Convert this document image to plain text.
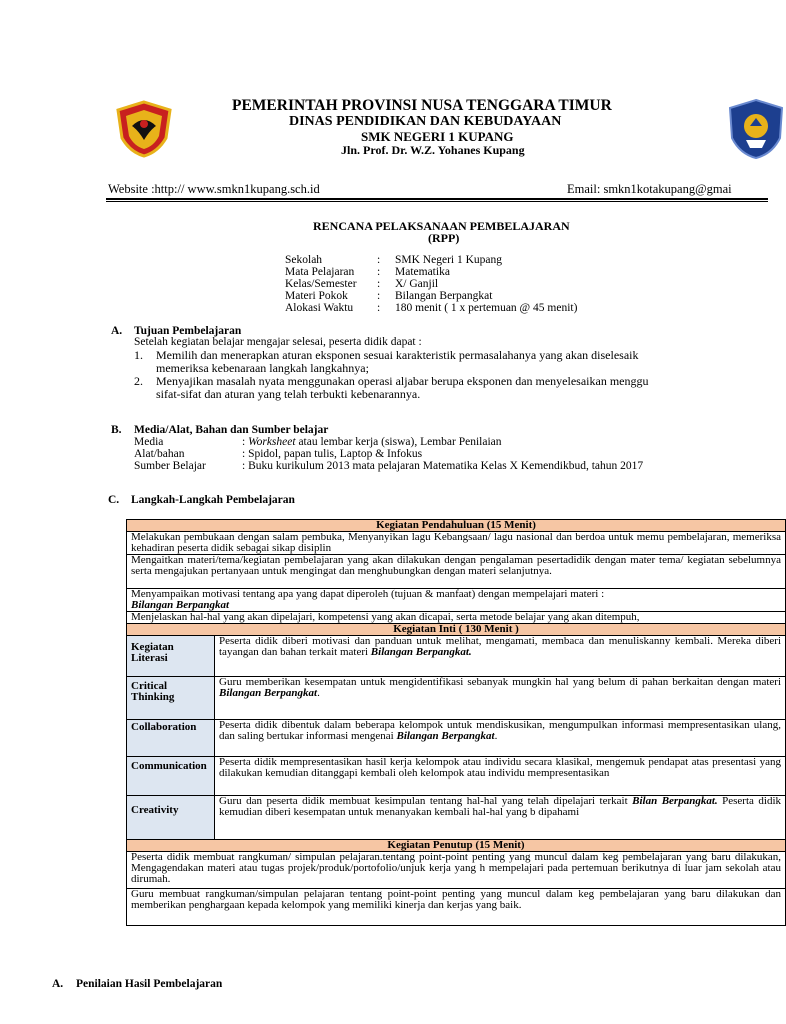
PEMERINTAH PROVINSI NUSA TENGGARA TIMUR
DINAS PENDIDIKAN DAN KEBUDAYAAN
SMK NEGERI 1 KUPANG
Jln. Prof. Dr. W.Z. Yohanes Kupang
Website :http:// www.smkn1kupang.sch.id	Email: smkn1kotakupang@gmai
RENCANA PELAKSANAAN PEMBELAJARAN
(RPP)
Sekolah	: SMK Negeri 1 Kupang
Mata Pelajaran : Matematika
Kelas/Semester : X/ Ganjil
Materi Pokok	: Bilangan Berpangkat
Alokasi Waktu : 180 menit ( 1 x pertemuan @ 45 menit)
A. Tujuan Pembelajaran
Setelah kegiatan belajar mengajar selesai, peserta didik dapat :
1. Memilih dan menerapkan aturan eksponen sesuai karakteristik permasalahanya yang akan diselesaik
memeriksa kebenaraan langkah langkahnya;
2. Menyajikan masalah nyata menggunakan operasi aljabar berupa eksponen dan menyelesaikan menggu
sifat-sifat dan aturan yang telah terbukti kebenarannya.
B. Media/Alat, Bahan dan Sumber belajar
Media	: Worksheet atau lembar kerja (siswa), Lembar Penilaian
Alat/bahan	: Spidol, papan tulis, Laptop & Infokus
Sumber Belajar	: Buku kurikulum 2013 mata pelajaran Matematika Kelas X Kemendikbud, tahun 2017
C. Langkah-Langkah Pembelajaran
Kegiatan Pendahuluan (15 Menit)	
Melakukan pembukaan dengan salam pembuka, Menyanyikan lagu Kebangsaan/ lagu nasional dan berdoa untuk memu pembelajaran, memeriksa kehadiran peserta didik sebagai sikap disiplin	
Mengaitkan materi/tema/kegiatan pembelajaran yang akan dilakukan dengan pengalaman pesertadidik dengan mater tema/ kegiatan sebelumnya serta mengajukan pertanyaan untuk mengingat dan menghubungkan dengan materi selanjutnya.	
Menyampaikan motivasi tentang apa yang dapat diperoleh (tujuan & manfaat) dengan mempelajari materi :
Bilangan Berpangkat	
Menjelaskan hal-hal yang akan dipelajari, kompetensi yang akan dicapai, serta metode belajar yang akan ditempuh,	
Kegiatan Inti ( 130 Menit )	
Kegiatan Literasi	Peserta didik diberi motivasi dan panduan untuk melihat, mengamati, membaca dan menuliskanny kembali. Mereka diberi tayangan dan bahan terkait materi Bilangan Berpangkat.
Critical Thinking	Guru memberikan kesempatan untuk mengidentifikasi sebanyak mungkin hal yang belum di pahan berkaitan dengan materi Bilangan Berpangkat.
Collaboration	Peserta didik dibentuk dalam beberapa kelompok untuk mendiskusikan, mengumpulkan informasi mempresentasikan ulang, dan saling bertukar informasi mengenai Bilangan Berpangkat.
Communication	Peserta didik mempresentasikan hasil kerja kelompok atau individu secara klasikal, mengemuk pendapat atas presentasi yang dilakukan kemudian ditanggapi kembali oleh kelompok atau individu mempresentasikan
Creativity	Guru dan peserta didik membuat kesimpulan tentang hal-hal yang telah dipelajari terkait Bilan Berpangkat. Peserta didik kemudian diberi kesempatan untuk menanyakan kembali hal-hal yang b dipahami
Kegiatan Penutup (15 Menit)	
Peserta didik membuat rangkuman/ simpulan pelajaran.tentang point-point penting yang muncul dalam keg pembelajaran yang baru dilakukan, Mengagendakan materi atau tugas projek/produk/portofolio/unjuk kerja yang h mempelajari pada pertemuan berikutnya di luar jam sekolah atau dirumah.	
Guru membuat rangkuman/simpulan pelajaran tentang point-point penting yang muncul dalam keg pembelajaran yang baru dilakukan dan memberikan penghargaan kepada kelompok yang memiliki kinerja dan kerjas yang baik.	
A. Penilaian Hasil Pembelajaran
